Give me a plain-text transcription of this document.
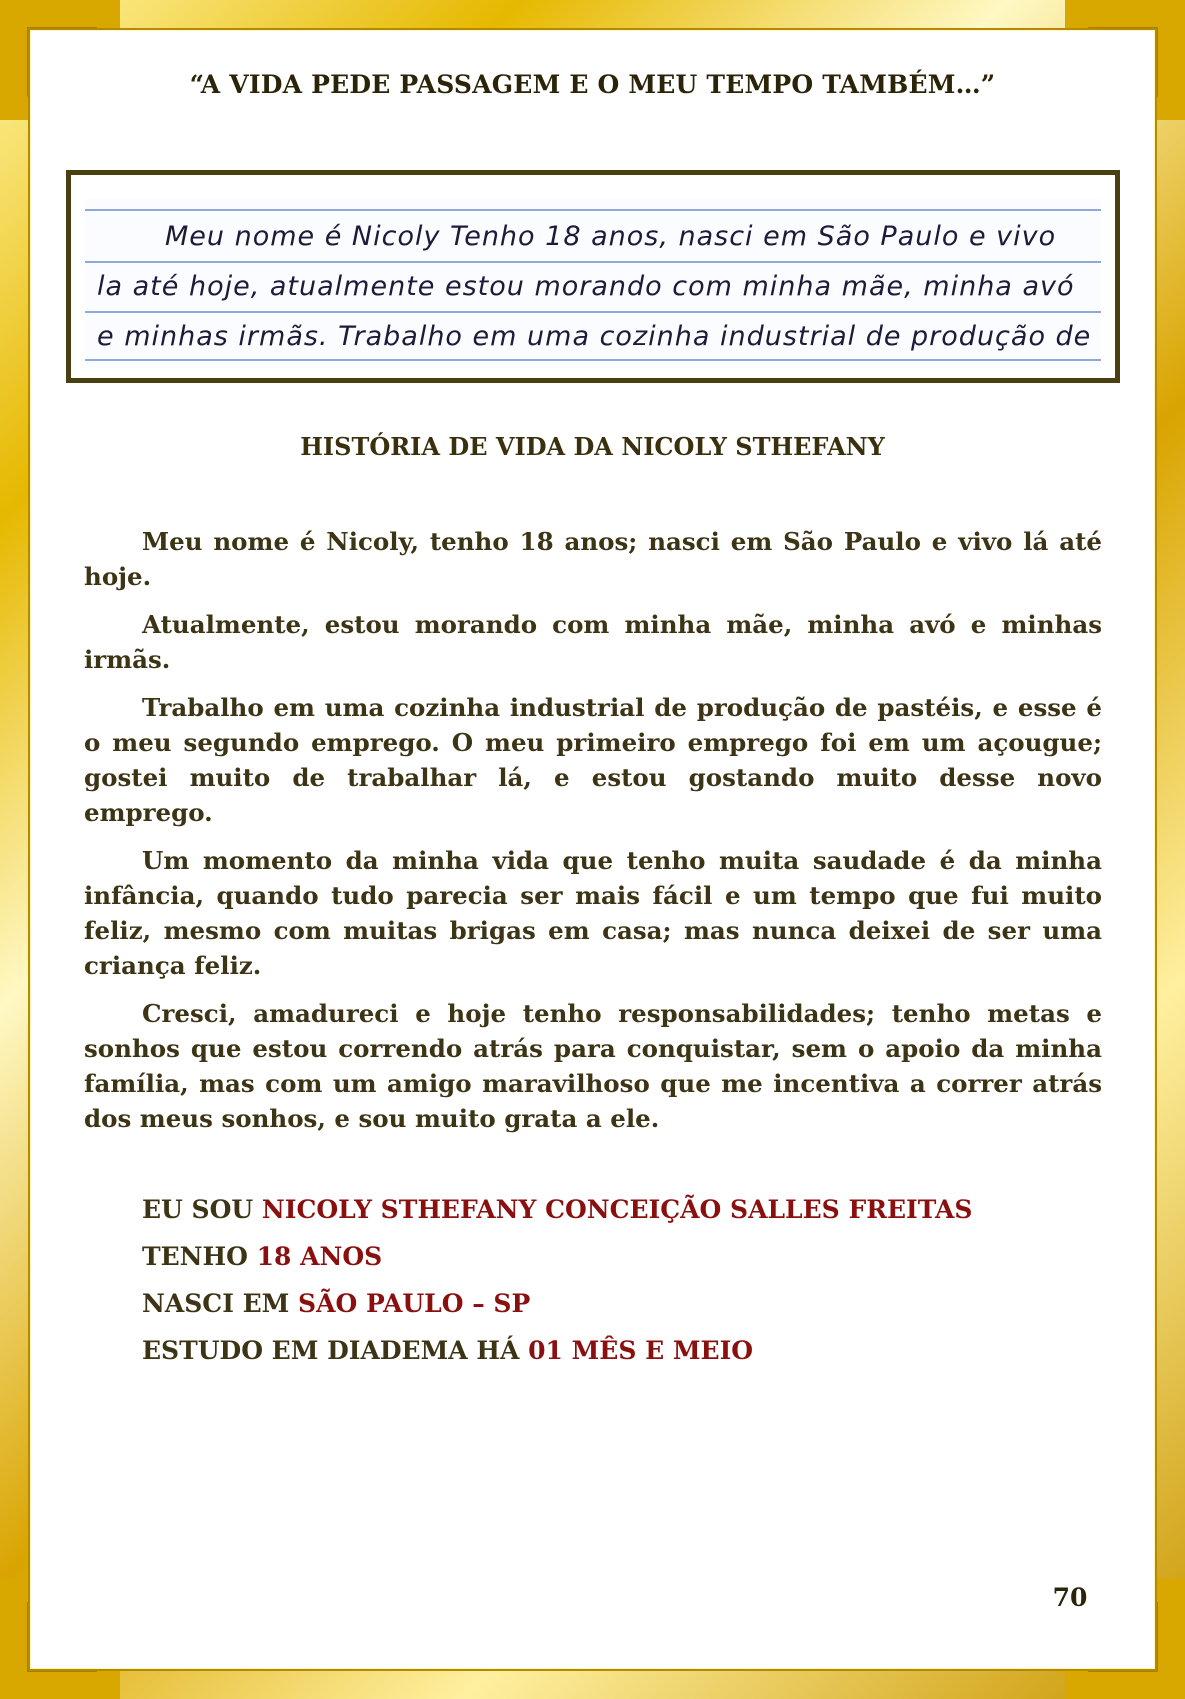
“A VIDA PEDE PASSAGEM E O MEU TEMPO TAMBÉM…”
Meu nome é Nicoly Tenho 18 anos, nasci em São Paulo e vivo
la até hoje, atualmente estou morando com minha mãe, minha avó
e minhas irmãs. Trabalho em uma cozinha industrial de produção de
HISTÓRIA DE VIDA DA NICOLY STHEFANY

Meu nome é Nicoly, tenho 18 anos; nasci em São Paulo e vivo lá até hoje.

Atualmente, estou morando com minha mãe, minha avó e minhas irmãs.

Trabalho em uma cozinha industrial de produção de pastéis, e esse é o meu segundo emprego. O meu primeiro emprego foi em um açougue; gostei muito de trabalhar lá, e estou gostando muito desse novo emprego.

Um momento da minha vida que tenho muita saudade é da minha infância, quando tudo parecia ser mais fácil e um tempo que fui muito feliz, mesmo com muitas brigas em casa; mas nunca deixei de ser uma criança feliz.

Cresci, amadureci e hoje tenho responsabilidades; tenho metas e sonhos que estou correndo atrás para conquistar, sem o apoio da minha família, mas com um amigo maravilhoso que me incentiva a correr atrás dos meus sonhos, e sou muito grata a ele.

EU SOU NICOLY STHEFANY CONCEIÇÃO SALLES FREITAS
TENHO 18 ANOS
NASCI EM SÃO PAULO – SP
ESTUDO EM DIADEMA HÁ 01 MÊS E MEIO
70
